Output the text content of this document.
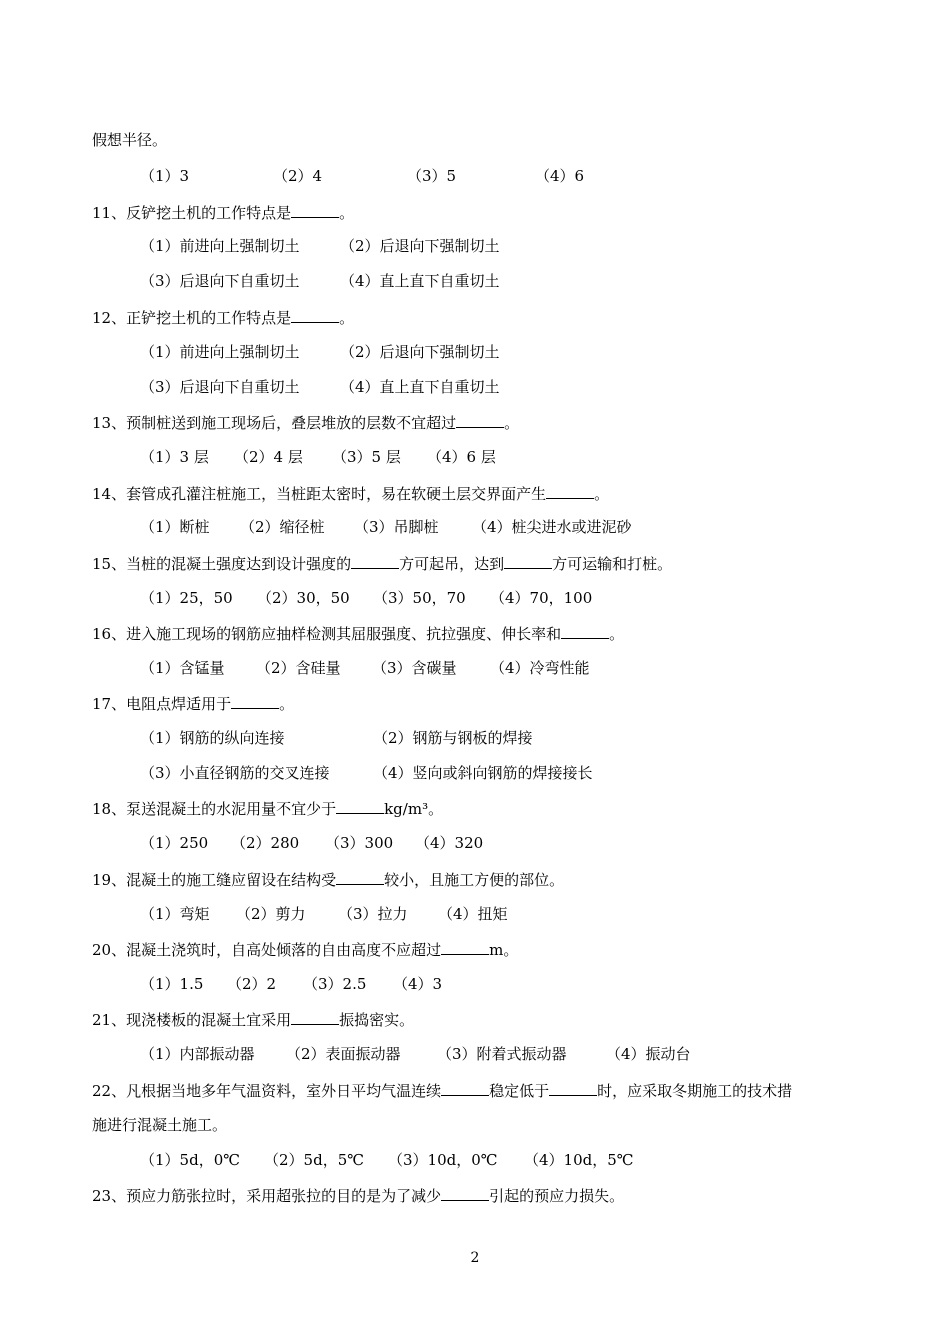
假想半径。
（1）3	（2）4	（3）5	（4）6
11、反铲挖土机的工作特点是	。
（1）前进向上强制切土	（2）后退向下强制切土
（3）后退向下自重切土	（4）直上直下自重切土
12、正铲挖土机的工作特点是	。
（1）前进向上强制切土	（2）后退向下强制切土
（3）后退向下自重切土	（4）直上直下自重切土
13、预制桩送到施工现场后，叠层堆放的层数不宜超过	。
（1）3 层 （2）4 层 （3）5 层 （4）6 层
14、套管成孔灌注桩施工，当桩距太密时，易在软硬土层交界面产生	。
（1）断桩 （2）缩径桩 （3）吊脚桩 （4）桩尖进水或进泥砂
15、当桩的混凝土强度达到设计强度的	方可起吊，达到	方可运输和打桩。
（1）25，50 （2）30，50 （3）50，70 （4）70，100
16、进入施工现场的钢筋应抽样检测其屈服强度、抗拉强度、伸长率和	。
（1）含锰量 （2）含硅量 （3）含碳量 （4）冷弯性能
17、电阻点焊适用于	。
（1）钢筋的纵向连接	（2）钢筋与钢板的焊接
（3）小直径钢筋的交叉连接	（4）竖向或斜向钢筋的焊接接长
18、泵送混凝土的水泥用量不宜少于	kg/m³。
（1）250 （2）280 （3）300 （4）320
19、混凝土的施工缝应留设在结构受	较小，且施工方便的部位。
（1）弯矩 （2）剪力 （3）拉力 （4）扭矩
20、混凝土浇筑时，自高处倾落的自由高度不应超过	m。
（1）1.5 （2）2 （3）2.5 （4）3
21、现浇楼板的混凝土宜采用	振捣密实。
（1）内部振动器 （2）表面振动器 （3）附着式振动器	（4）振动台
22、凡根据当地多年气温资料，室外日平均气温连续	稳定低于	时，应采取冬期施工的技术措
施进行混凝土施工。
（1）5d，0℃ （2）5d，5℃ （3）10d，0℃ （4）10d，5℃
23、预应力筋张拉时，采用超张拉的目的是为了减少	引起的预应力损失。
2
